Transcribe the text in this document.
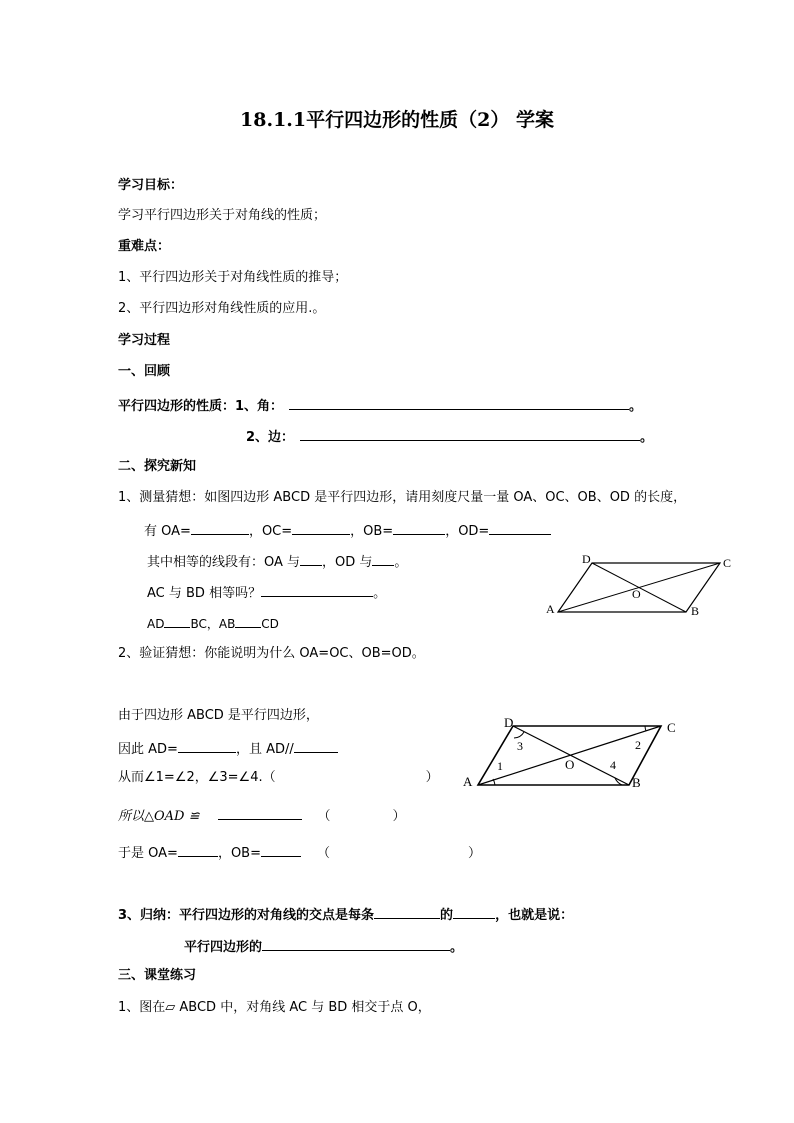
18.1.1平行四边形的性质（2） 学案
学习目标：
学习平行四边形关于对角线的性质；
重难点：
1、平行四边形关于对角线性质的推导；
2、平行四边形对角线性质的应用.。
学习过程
一、回顾
平行四边形的性质：1、角：	。
2、边：	。
二、探究新知
1、测量猜想：如图四边形 ABCD 是平行四边形，请用刻度尺量一量 OA、OC、OB、OD 的长度，
有 OA=	，OC=	，OB=	，OD=
其中相等的线段有：OA 与 ，OD 与 。
AC 与 BD 相等吗？	。
AD BC，AB CD
2、验证猜想：你能说明为什么 OA=OC、OB=OD。
由于四边形 ABCD 是平行四边形，
因此 AD=	，且 AD//
从而∠1=∠2，∠3=∠4.（	）
所以△OAD ≌	（	）
于是 OA=	，OB=	（	）
3、归纳：平行四边形的对角线的交点是每条	的	，也就是说：
平行四边形的	。
三、课堂练习
1、图在▱ ABCD 中，对角线 AC 与 BD 相交于点 O，
A	B
C
D
O
A	B
C
D
O
1
2
3
4
